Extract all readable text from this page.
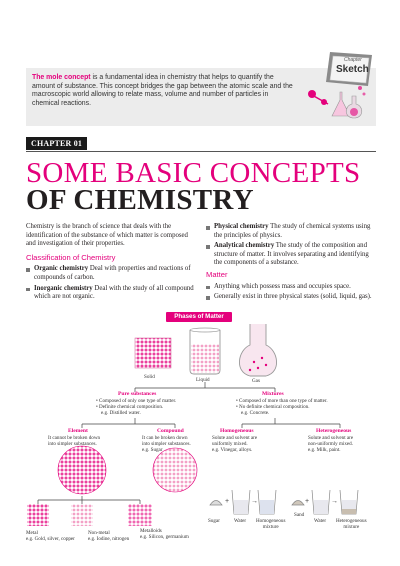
The mole concept is a fundamental idea in chemistry that helps to quantify the amount of substance. This concept bridges the gap between the atomic scale and the macroscopic world allowing to relate mass, volume and number of particles in chemical reactions.
Chapter
Sketch
CHAPTER 01
SOME BASIC CONCEPTS
OF CHEMISTRY
Chemistry is the branch of science that deals with the identification of the substance of which matter is composed and investigation of their properties.
Classification of Chemistry
Organic chemistry Deal with properties and reactions of compounds of carbon.
Inorganic chemistry Deal with the study of all compound which are not organic.
Physical chemistry The study of chemical systems using the principles of physics.
Analytical chemistry The study of the composition and structure of matter. It involves separating and identifying the components of a substance.
Matter
Anything which possess mass and occupies space.
Generally exist in three physical states (solid, liquid, gas).
Phases of Matter
+	→	+	→
Solid	Liquid	Gas
Pure substances
• Composed of only one type of matter.
• Definite chemical composition.
e.g. Distilled water.
Mixtures
• Composed of more than one type of matter.
• No definite chemical composition.
e.g. Concrete.
Element
It cannot be broken down
into simpler substances.
Compound
It can be broken down
into simpler substances.
e.g. Sugar
Homogeneous
Solute and solvent are
uniformly mixed.
e.g. Vinegar, alloys.
Heterogeneous
Solute and solvent are
non-uniformly mixed.
e.g. Milk, paint.
Metal
e.g. Gold, silver, copper
Non-metal
e.g. Iodine, nitrogen
Metalloids
e.g. Silicon, germanium
Sugar	Water Homogeneous
mixture
Sand
Water Heterogeneous
mixture
